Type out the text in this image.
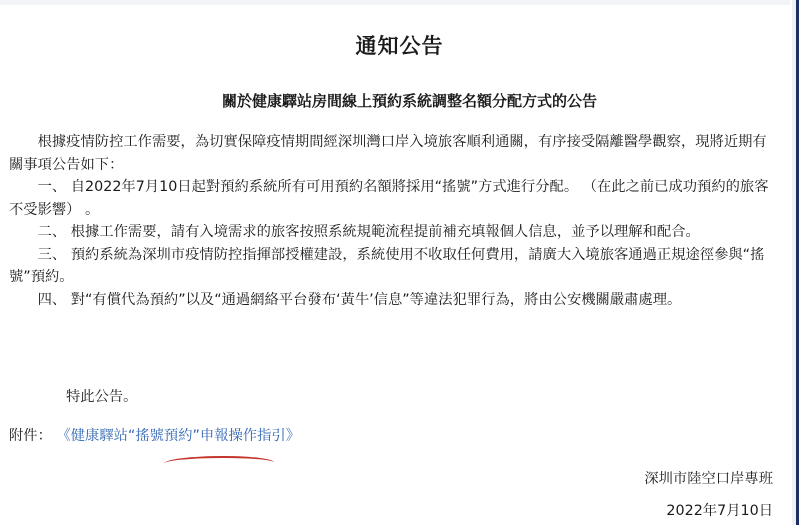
通知公告
關於健康驛站房間線上預約系統調整名額分配方式的公告

根據疫情防控工作需要，為切實保障疫情期間經深圳灣口岸入境旅客順利通關，有序接受隔離醫學觀察，現將近期有關事項公告如下：

一、 自2022年7月10日起對預約系統所有可用預約名額將採用“搖號”方式進行分配。 （在此之前已成功預約的旅客不受影響） 。

二、 根據工作需要，請有入境需求的旅客按照系統規範流程提前補充填報個人信息，並予以理解和配合。

三、 預約系統為深圳市疫情防控指揮部授權建設，系統使用不收取任何費用，請廣大入境旅客通過正規途徑參與“搖號”預約。

四、 對“有償代為預約”以及“通過網絡平台發布‘黃牛’信息”等違法犯罪行為，將由公安機關嚴肅處理。

特此公告。

附件： 《健康驛站“搖號預約”申報操作指引》
深圳市陸空口岸專班
2022年7月10日
